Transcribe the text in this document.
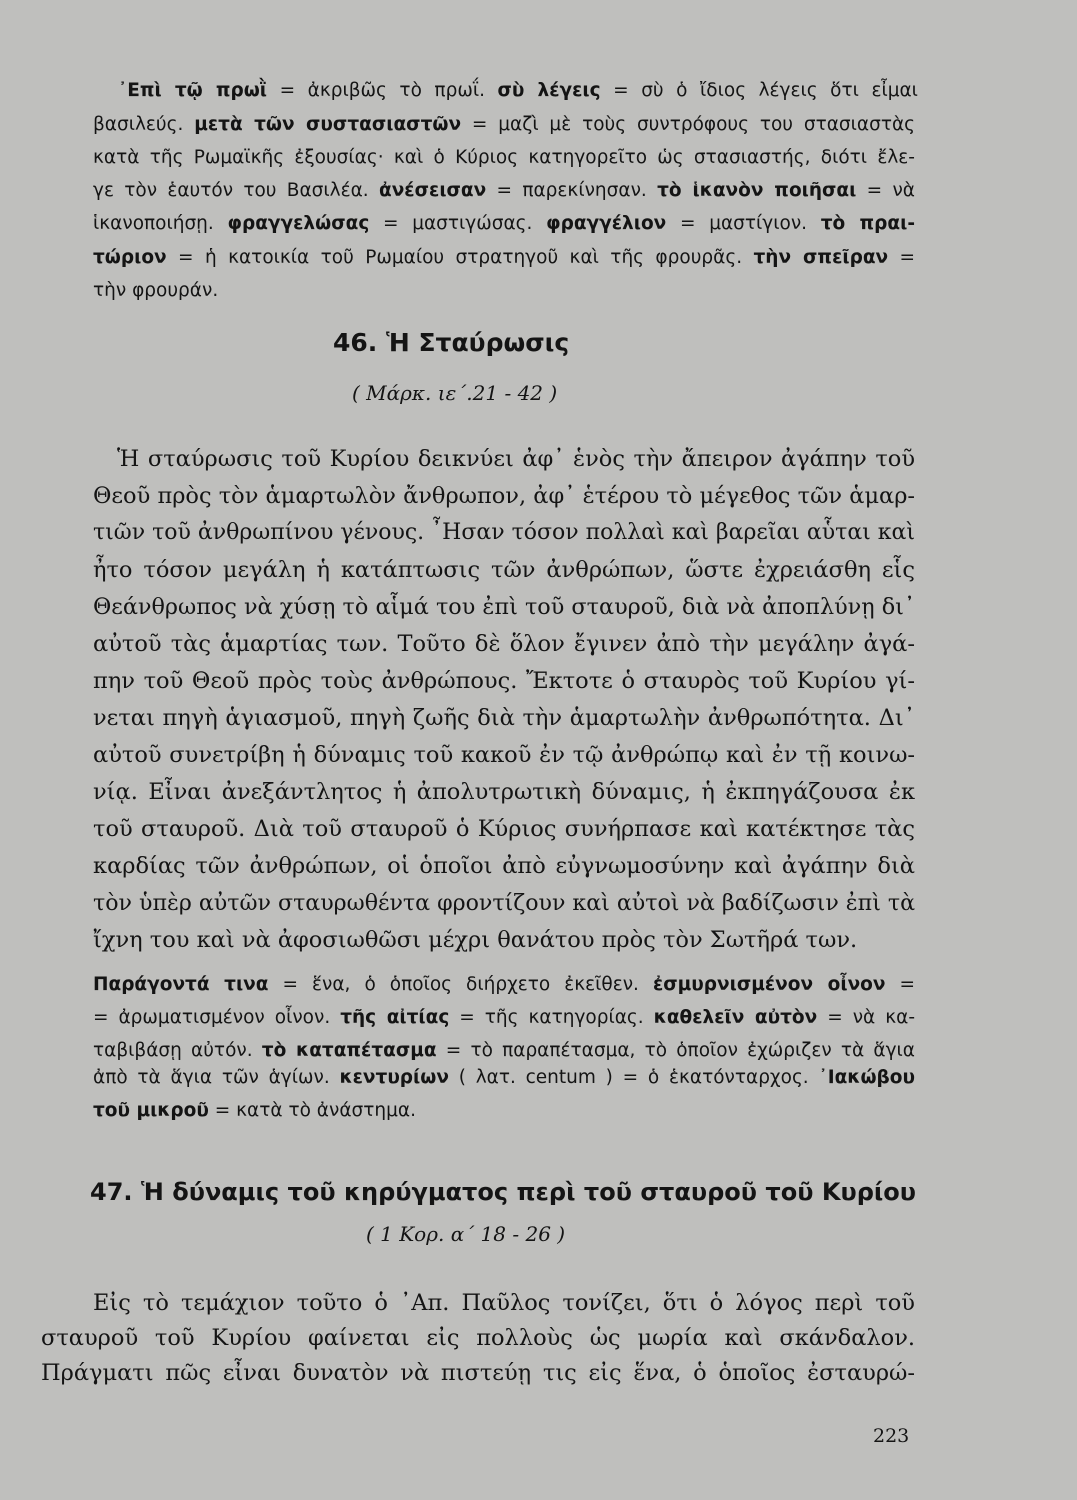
᾿Επὶ τῷ πρωῒ = ἀκριβῶς τὸ πρωΐ. σὺ λέγεις = σὺ ὁ ἴδιος λέγεις ὅτι εἶμαι

βασιλεύς. μετὰ τῶν συστασιαστῶν = μαζὶ μὲ τοὺς συντρόφους του στασιαστὰς

κατὰ τῆς Ρωμαϊκῆς ἐξουσίας· καὶ ὁ Κύριος κατηγορεῖτο ὡς στασιαστής, διότι ἔλε-

γε τὸν ἑαυτόν του Βασιλέα. ἀνέσεισαν = παρεκίνησαν. τὸ ἱκανὸν ποιῆσαι = νὰ

ἱκανοποιήσῃ. φραγγελώσας = μαστιγώσας. φραγγέλιον = μαστίγιον. τὸ πραι-

τώριον = ἡ κατοικία τοῦ Ρωμαίου στρατηγοῦ καὶ τῆς φρουρᾶς. τὴν σπεῖραν =

τὴν φρουράν.

46. Ἡ Σταύρωσις

( Μάρκ. ιε΄.21 - 42 )

Ἡ σταύρωσις τοῦ Κυρίου δεικνύει ἀφ᾿ ἑνὸς τὴν ἄπειρον ἀγάπην τοῦ

Θεοῦ πρὸς τὸν ἁμαρτωλὸν ἄνθρωπον, ἀφ᾿ ἑτέρου τὸ μέγεθος τῶν ἁμαρ-

τιῶν τοῦ ἀνθρωπίνου γένους. ῏Ησαν τόσον πολλαὶ καὶ βαρεῖαι αὗται καὶ

ἦτο τόσον μεγάλη ἡ κατάπτωσις τῶν ἀνθρώπων, ὥστε ἐχρειάσθη εἷς

Θεάνθρωπος νὰ χύσῃ τὸ αἷμά του ἐπὶ τοῦ σταυροῦ, διὰ νὰ ἀποπλύνῃ δι᾿

αὐτοῦ τὰς ἁμαρτίας των. Τοῦτο δὲ ὅλον ἔγινεν ἀπὸ τὴν μεγάλην ἀγά-

πην τοῦ Θεοῦ πρὸς τοὺς ἀνθρώπους. Ἔκτοτε ὁ σταυρὸς τοῦ Κυρίου γί-

νεται πηγὴ ἁγιασμοῦ, πηγὴ ζωῆς διὰ τὴν ἁμαρτωλὴν ἀνθρωπότητα. Δι᾿

αὐτοῦ συνετρίβη ἡ δύναμις τοῦ κακοῦ ἐν τῷ ἀνθρώπῳ καὶ ἐν τῇ κοινω-

νίᾳ. Εἶναι ἀνεξάντλητος ἡ ἀπολυτρωτικὴ δύναμις, ἡ ἐκπηγάζουσα ἐκ

τοῦ σταυροῦ. Διὰ τοῦ σταυροῦ ὁ Κύριος συνήρπασε καὶ κατέκτησε τὰς

καρδίας τῶν ἀνθρώπων, οἱ ὁποῖοι ἀπὸ εὐγνωμοσύνην καὶ ἀγάπην διὰ

τὸν ὑπὲρ αὐτῶν σταυρωθέντα φροντίζουν καὶ αὐτοὶ νὰ βαδίζωσιν ἐπὶ τὰ

ἴχνη του καὶ νὰ ἀφοσιωθῶσι μέχρι θανάτου πρὸς τὸν Σωτῆρά των.

Παράγοντά τινα = ἕνα, ὁ ὁποῖος διήρχετο ἐκεῖθεν. ἐσμυρνισμένον οἶνον =

= ἀρωματισμένον οἶνον. τῆς αἰτίας = τῆς κατηγορίας. καθελεῖν αὐτὸν = νὰ κα-

ταβιβάσῃ αὐτόν. τὸ καταπέτασμα = τὸ παραπέτασμα, τὸ ὁποῖον ἐχώριζεν τὰ ἅγια

ἀπὸ τὰ ἅγια τῶν ἁγίων. κεντυρίων ( λατ. centum ) = ὁ ἑκατόνταρχος. ᾿Ιακώβου

τοῦ μικροῦ = κατὰ τὸ ἀνάστημα.

47. Ἡ δύναμις τοῦ κηρύγματος περὶ τοῦ σταυροῦ τοῦ Κυρίου

( 1 Κορ. α΄ 18 - 26 )

Εἰς τὸ τεμάχιον τοῦτο ὁ ᾿Απ. Παῦλος τονίζει, ὅτι ὁ λόγος περὶ τοῦ

σταυροῦ τοῦ Κυρίου φαίνεται εἰς πολλοὺς ὡς μωρία καὶ σκάνδαλον.

Πράγματι πῶς εἶναι δυνατὸν νὰ πιστεύῃ τις εἰς ἕνα, ὁ ὁποῖος ἐσταυρώ-

223
